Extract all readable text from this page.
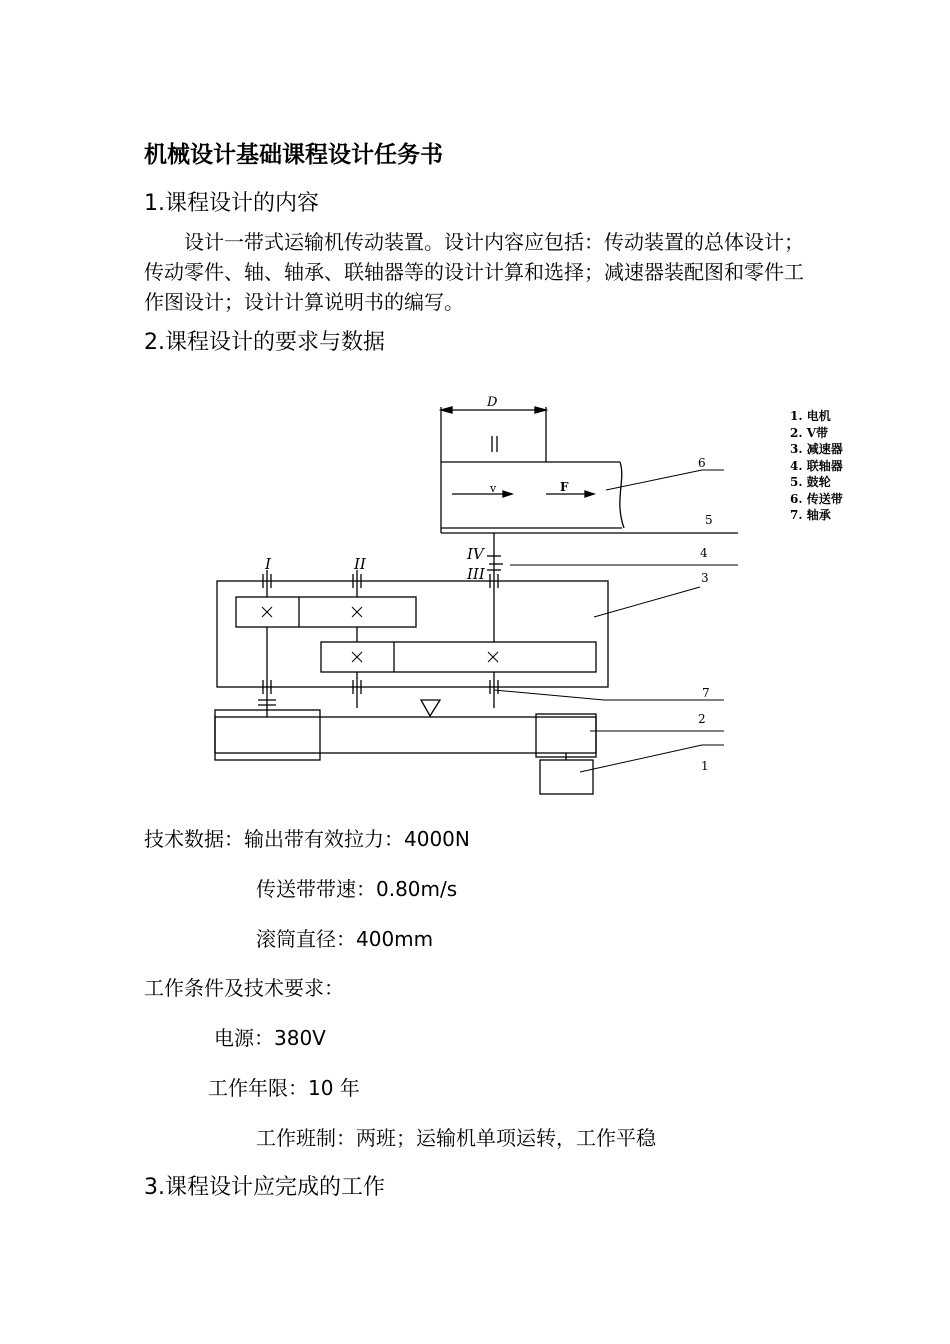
机械设计基础课程设计任务书
1.课程设计的内容
设计一带式运输机传动装置。设计内容应包括：传动装置的总体设计；传动零件、轴、轴承、联轴器等的设计计算和选择；减速器装配图和零件工作图设计；设计计算说明书的编写。
2.课程设计的要求与数据
D
v	F
I	II
III
IV
1
2
3
4
5
6
7
1. 电机
2. V带
3. 减速器
4. 联轴器
5. 鼓轮
6. 传送带
7. 轴承
技术数据：输出带有效拉力：4000N
传送带带速：0.80m/s
滚筒直径：400mm
工作条件及技术要求：
电源：380V
工作年限：10 年
工作班制：两班；运输机单项运转，工作平稳
3.课程设计应完成的工作
